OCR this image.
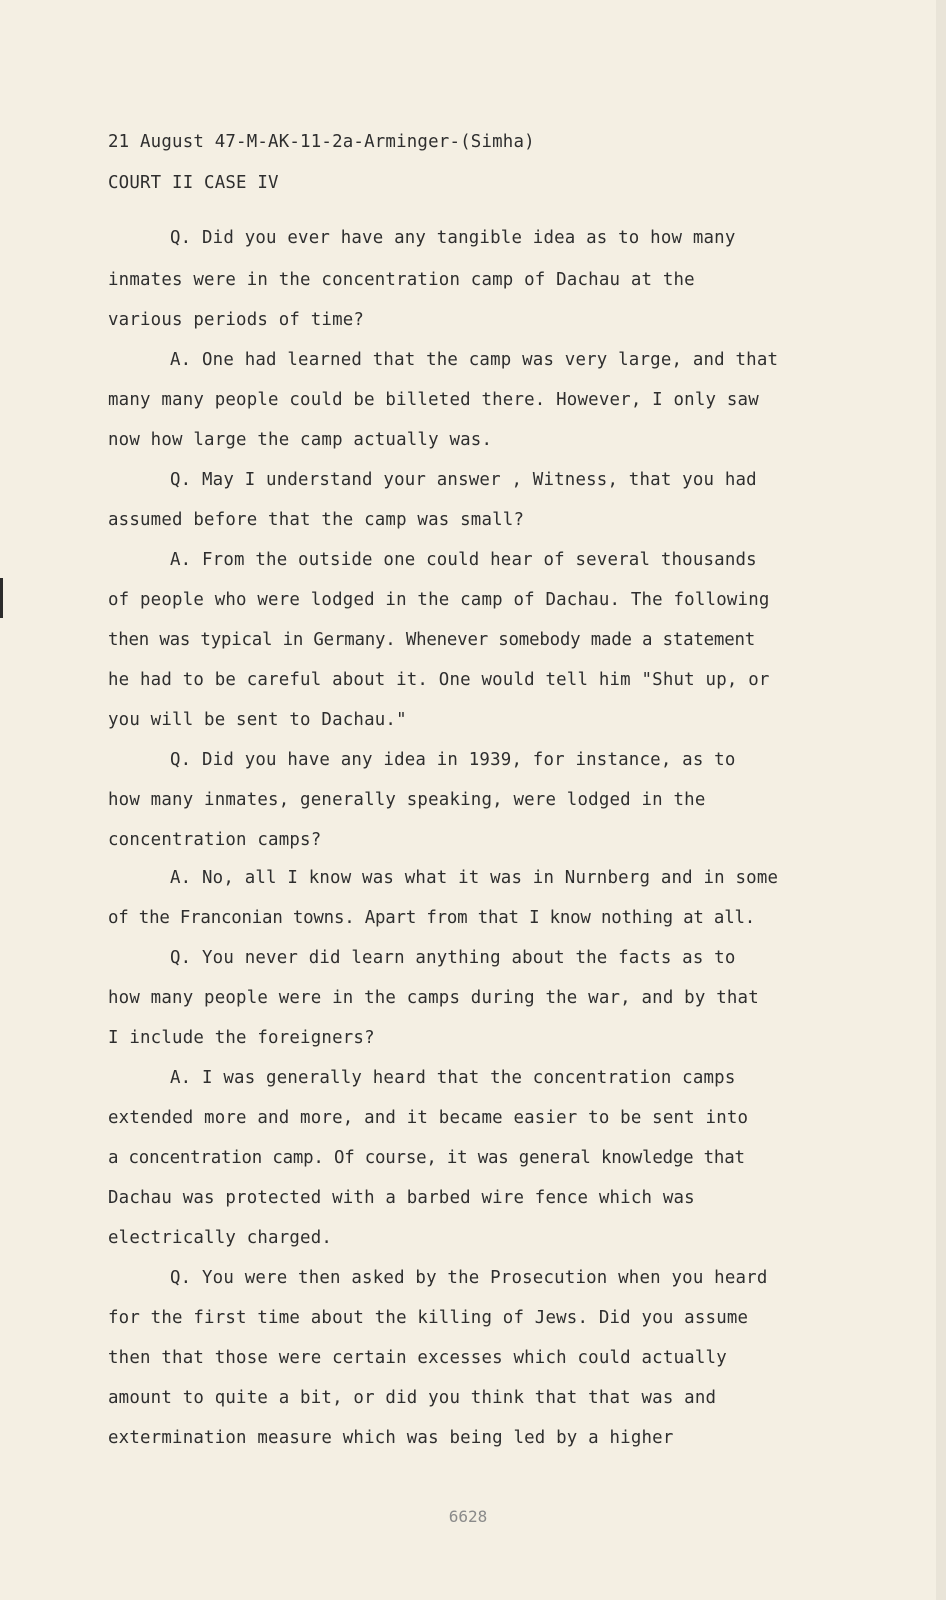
21 August 47-M-AK-11-2a-Arminger-(Simha)
COURT II CASE IV
Q. Did you ever have any tangible idea as to how many
inmates were in the concentration camp of Dachau at the
various periods of time?
A. One had learned that the camp was very large, and that
many many people could be billeted there. However, I only saw
now how large the camp actually was.
Q. May I understand your answer , Witness, that you had
assumed before that the camp was small?
A. From the outside one could hear of several thousands
of people who were lodged in the camp of Dachau. The following
then was typical in Germany. Whenever somebody made a statement
he had to be careful about it. One would tell him "Shut up, or
you will be sent to Dachau."
Q. Did you have any idea in 1939, for instance, as to
how many inmates, generally speaking, were lodged in the
concentration camps?
A. No, all I know was what it was in Nurnberg and in some
of the Franconian towns. Apart from that I know nothing at all.
Q. You never did learn anything about the facts as to
how many people were in the camps during the war, and by that
I include the foreigners?
A. I was generally heard that the concentration camps
extended more and more, and it became easier to be sent into
a concentration camp. Of course, it was general knowledge that
Dachau was protected with a barbed wire fence which was
electrically charged.
Q. You were then asked by the Prosecution when you heard
for the first time about the killing of Jews. Did you assume
then that those were certain excesses which could actually
amount to quite a bit, or did you think that that was and
extermination measure which was being led by a higher
6628
